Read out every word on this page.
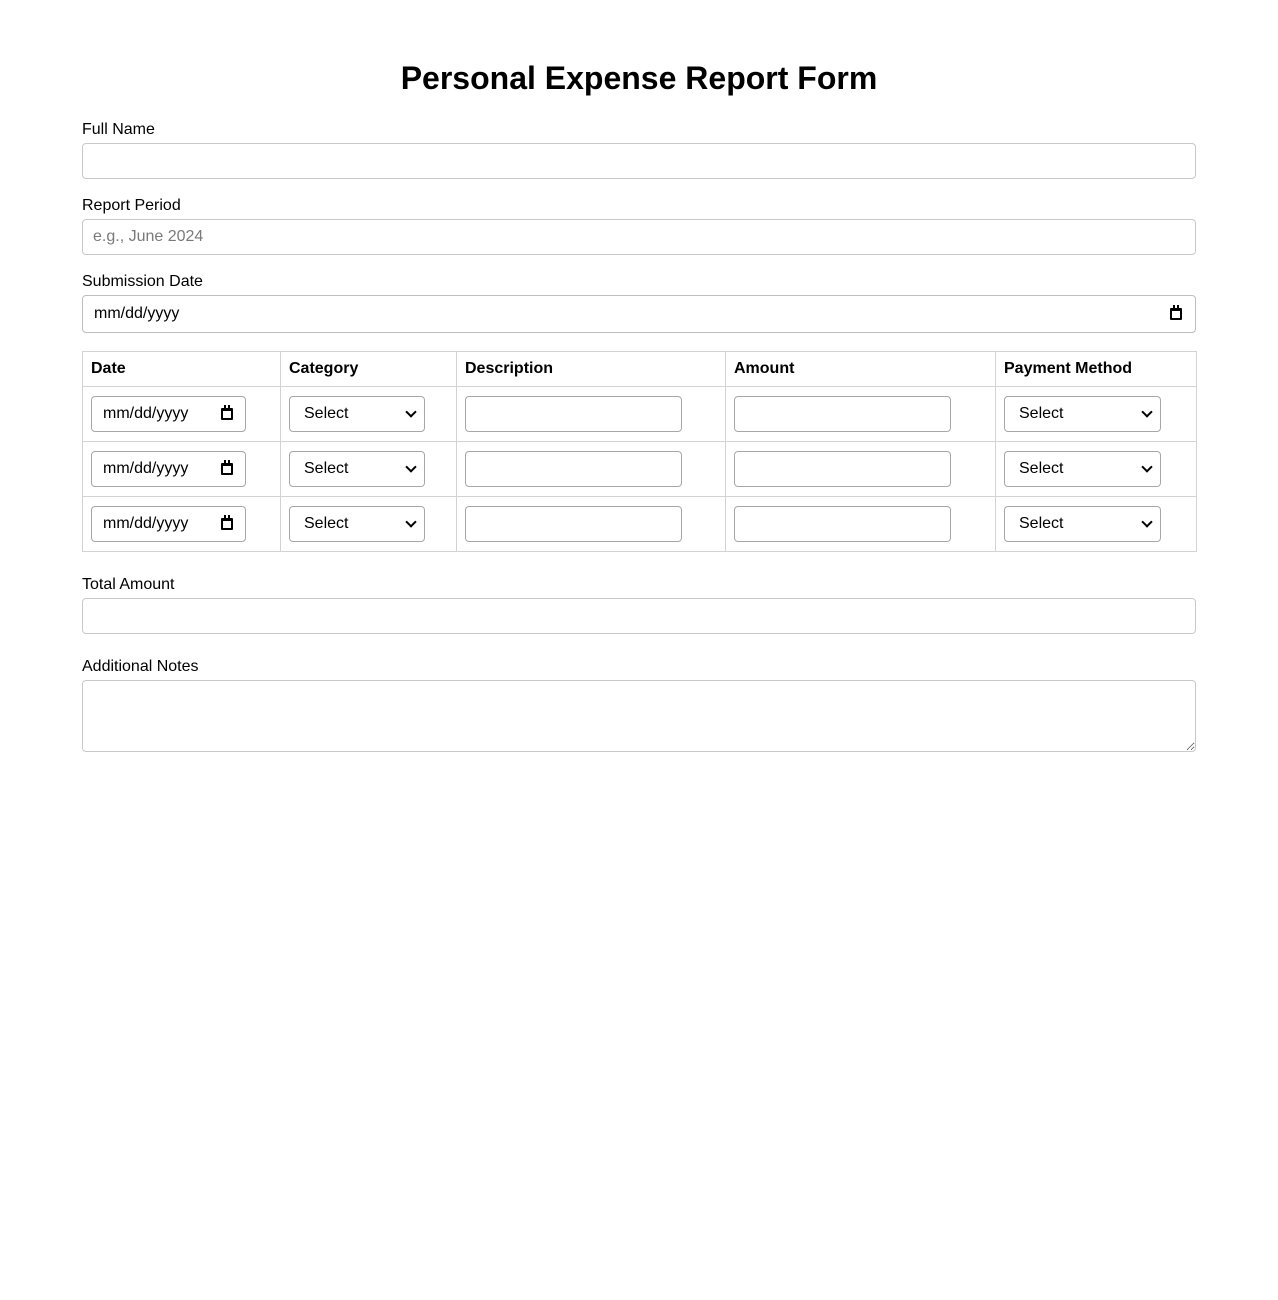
Personal Expense Report Form
Full Name
Report Period
e.g., June 2024
Submission Date
mm/dd/yyyy
Date	Category	Description	Amount	Payment Method

mm/dd/yyyy	Select			Select

mm/dd/yyyy	Select			Select

mm/dd/yyyy	Select			Select
Total Amount
Additional Notes
